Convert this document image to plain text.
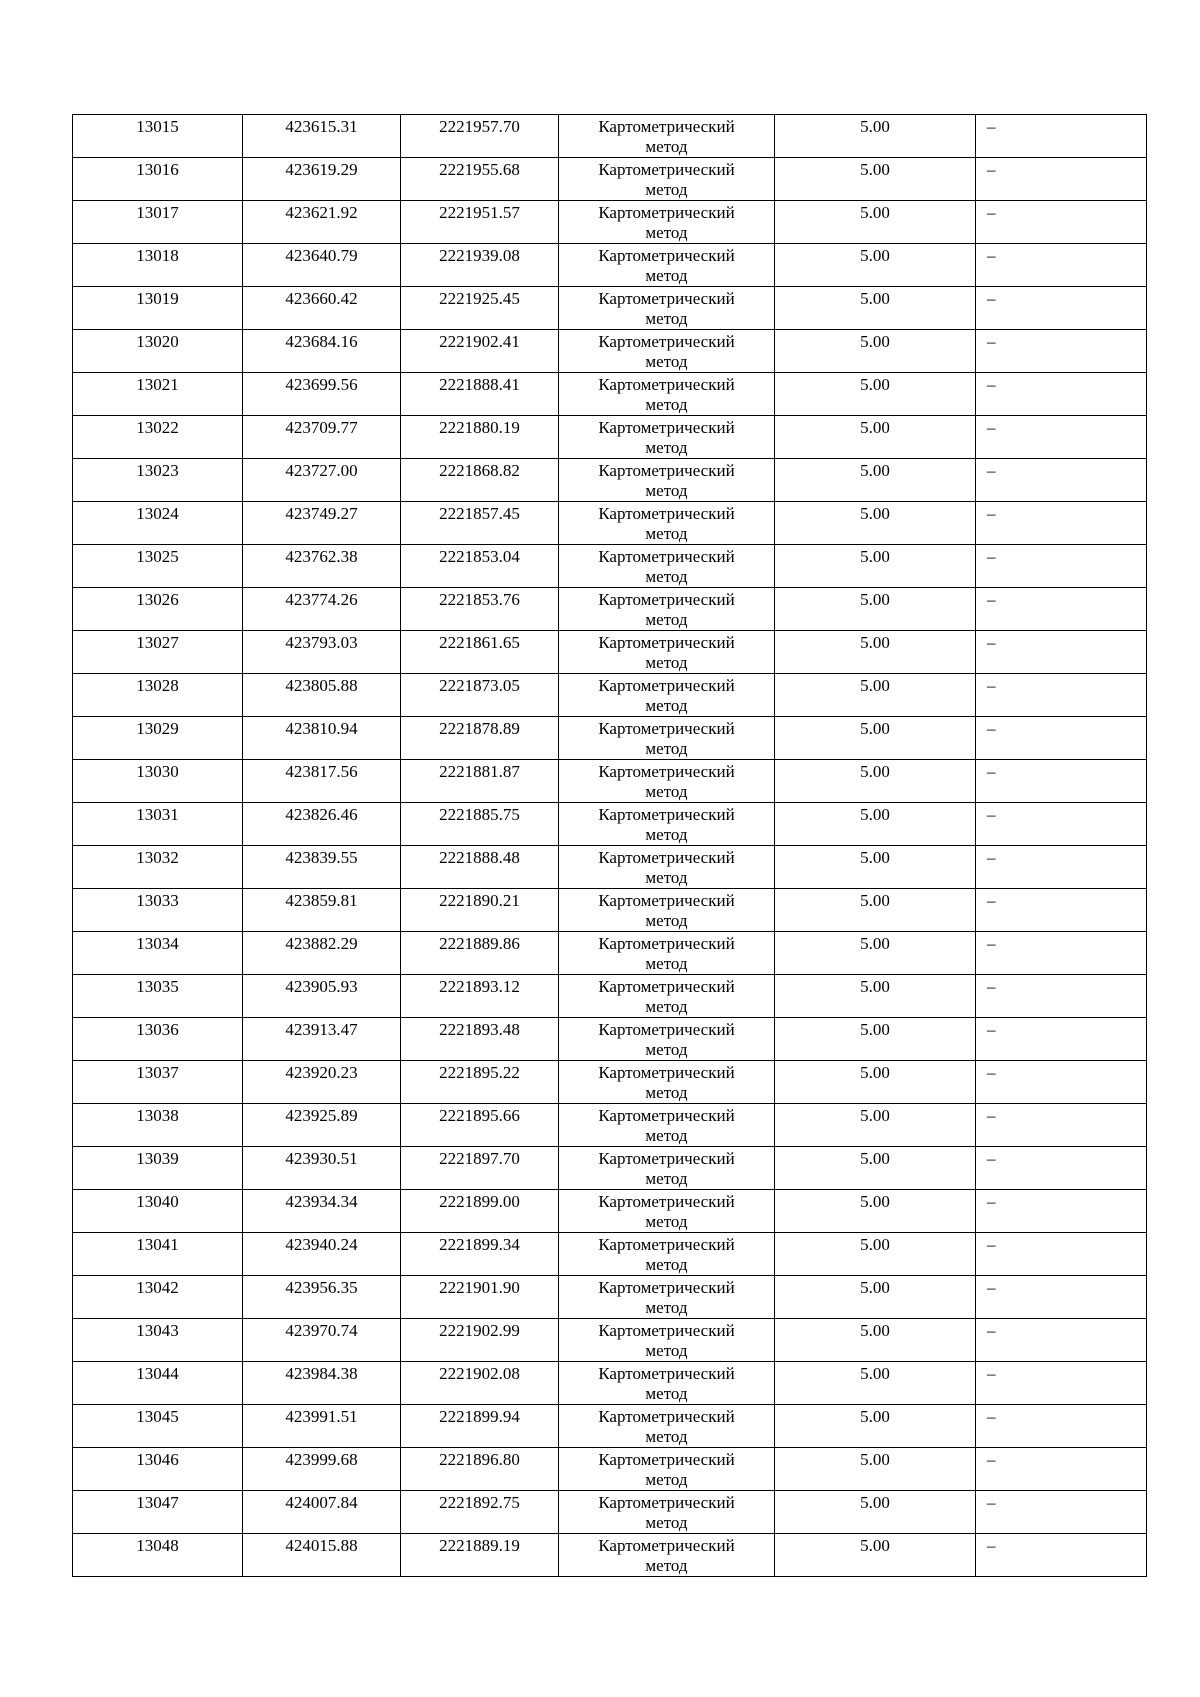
13015	423615.31	2221957.70	Картометрический метод	5.00	–
13016	423619.29	2221955.68	Картометрический метод	5.00	–
13017	423621.92	2221951.57	Картометрический метод	5.00	–
13018	423640.79	2221939.08	Картометрический метод	5.00	–
13019	423660.42	2221925.45	Картометрический метод	5.00	–
13020	423684.16	2221902.41	Картометрический метод	5.00	–
13021	423699.56	2221888.41	Картометрический метод	5.00	–
13022	423709.77	2221880.19	Картометрический метод	5.00	–
13023	423727.00	2221868.82	Картометрический метод	5.00	–
13024	423749.27	2221857.45	Картометрический метод	5.00	–
13025	423762.38	2221853.04	Картометрический метод	5.00	–
13026	423774.26	2221853.76	Картометрический метод	5.00	–
13027	423793.03	2221861.65	Картометрический метод	5.00	–
13028	423805.88	2221873.05	Картометрический метод	5.00	–
13029	423810.94	2221878.89	Картометрический метод	5.00	–
13030	423817.56	2221881.87	Картометрический метод	5.00	–
13031	423826.46	2221885.75	Картометрический метод	5.00	–
13032	423839.55	2221888.48	Картометрический метод	5.00	–
13033	423859.81	2221890.21	Картометрический метод	5.00	–
13034	423882.29	2221889.86	Картометрический метод	5.00	–
13035	423905.93	2221893.12	Картометрический метод	5.00	–
13036	423913.47	2221893.48	Картометрический метод	5.00	–
13037	423920.23	2221895.22	Картометрический метод	5.00	–
13038	423925.89	2221895.66	Картометрический метод	5.00	–
13039	423930.51	2221897.70	Картометрический метод	5.00	–
13040	423934.34	2221899.00	Картометрический метод	5.00	–
13041	423940.24	2221899.34	Картометрический метод	5.00	–
13042	423956.35	2221901.90	Картометрический метод	5.00	–
13043	423970.74	2221902.99	Картометрический метод	5.00	–
13044	423984.38	2221902.08	Картометрический метод	5.00	–
13045	423991.51	2221899.94	Картометрический метод	5.00	–
13046	423999.68	2221896.80	Картометрический метод	5.00	–
13047	424007.84	2221892.75	Картометрический метод	5.00	–
13048	424015.88	2221889.19	Картометрический метод	5.00	–
